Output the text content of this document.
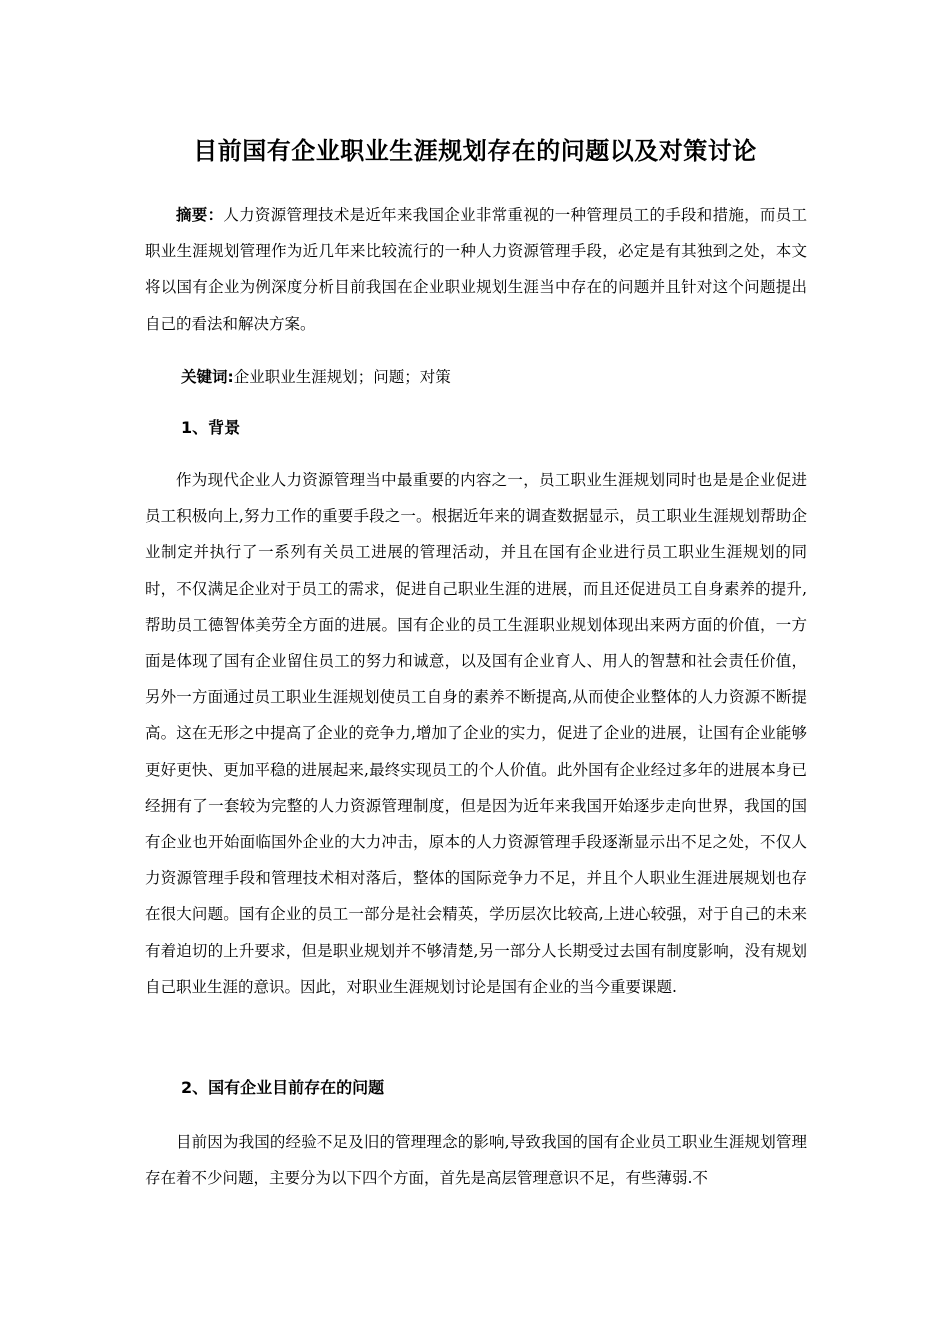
目前国有企业职业生涯规划存在的问题以及对策讨论

摘要：人力资源管理技术是近年来我国企业非常重视的一种管理员工的手段和措施，而员工职业生涯规划管理作为近几年来比较流行的一种人力资源管理手段，必定是有其独到之处，本文将以国有企业为例深度分析目前我国在企业职业规划生涯当中存在的问题并且针对这个问题提出自己的看法和解决方案。

关键词:企业职业生涯规划；问题；对策
1、背景

作为现代企业人力资源管理当中最重要的内容之一，员工职业生涯规划同时也是是企业促进员工积极向上,努力工作的重要手段之一。根据近年来的调查数据显示，员工职业生涯规划帮助企业制定并执行了一系列有关员工进展的管理活动，并且在国有企业进行员工职业生涯规划的同时，不仅满足企业对于员工的需求，促进自己职业生涯的进展，而且还促进员工自身素养的提升,帮助员工德智体美劳全方面的进展。国有企业的员工生涯职业规划体现出来两方面的价值，一方面是体现了国有企业留住员工的努力和诚意，以及国有企业育人、用人的智慧和社会责任价值，另外一方面通过员工职业生涯规划使员工自身的素养不断提高,从而使企业整体的人力资源不断提高。这在无形之中提高了企业的竞争力,增加了企业的实力，促进了企业的进展，让国有企业能够更好更快、更加平稳的进展起来,最终实现员工的个人价值。此外国有企业经过多年的进展本身已经拥有了一套较为完整的人力资源管理制度，但是因为近年来我国开始逐步走向世界，我国的国有企业也开始面临国外企业的大力冲击，原本的人力资源管理手段逐渐显示出不足之处，不仅人力资源管理手段和管理技术相对落后，整体的国际竞争力不足，并且个人职业生涯进展规划也存在很大问题。国有企业的员工一部分是社会精英，学历层次比较高,上进心较强，对于自己的未来有着迫切的上升要求，但是职业规划并不够清楚,另一部分人长期受过去国有制度影响，没有规划自己职业生涯的意识。因此，对职业生涯规划讨论是国有企业的当今重要课题.

2、国有企业目前存在的问题

目前因为我国的经验不足及旧的管理理念的影响,导致我国的国有企业员工职业生涯规划管理存在着不少问题，主要分为以下四个方面，首先是高层管理意识不足，有些薄弱.不
